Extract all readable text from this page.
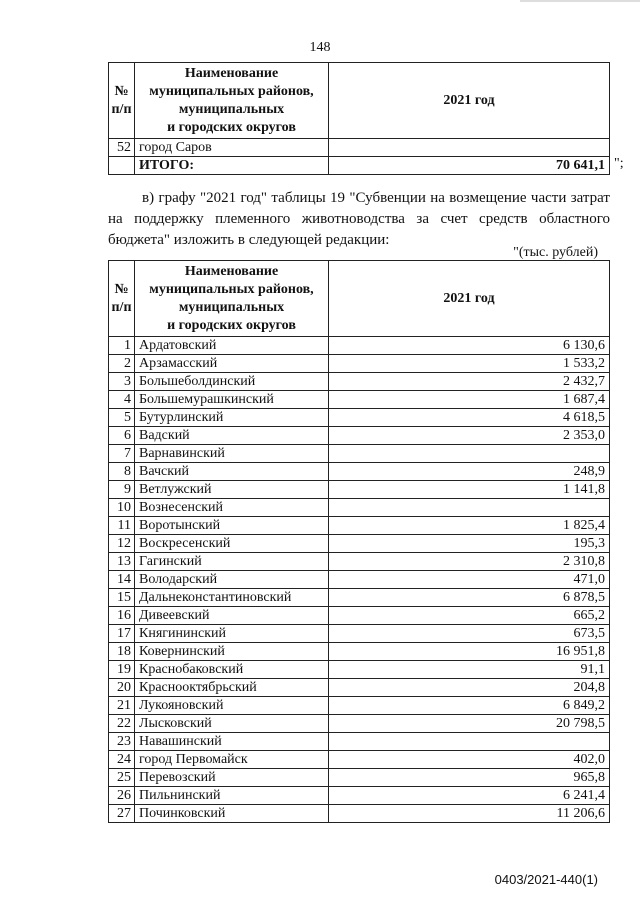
148
№
п/п	Наименование
муниципальных районов,
муниципальных
и городских округов	2021 год
52	город Саров	
	ИТОГО:	70 641,1 ";
в) графу "2021 год" таблицы 19 "Субвенции на возмещение части затрат на поддержку племенного животноводства за счет средств областного бюджета" изложить в следующей редакции:
"(тыс. рублей)
№
п/п	Наименование
муниципальных районов,
муниципальных
и городских округов	2021 год
1	Ардатовский	6 130,6
2	Арзамасский	1 533,2
3	Большеболдинский	2 432,7
4	Большемурашкинский	1 687,4
5	Бутурлинский	4 618,5
6	Вадский	2 353,0
7	Варнавинский	
8	Вачский	248,9
9	Ветлужский	1 141,8
10	Вознесенский	
11	Воротынский	1 825,4
12	Воскресенский	195,3
13	Гагинский	2 310,8
14	Володарский	471,0
15	Дальнеконстантиновский	6 878,5
16	Дивеевский	665,2
17	Княгининский	673,5
18	Ковернинский	16 951,8
19	Краснобаковский	91,1
20	Краснооктябрьский	204,8
21	Лукояновский	6 849,2
22	Лысковский	20 798,5
23	Навашинский	
24	город Первомайск	402,0
25	Перевозский	965,8
26	Пильнинский	6 241,4
27	Починковский	11 206,6
0403/2021-440(1)
